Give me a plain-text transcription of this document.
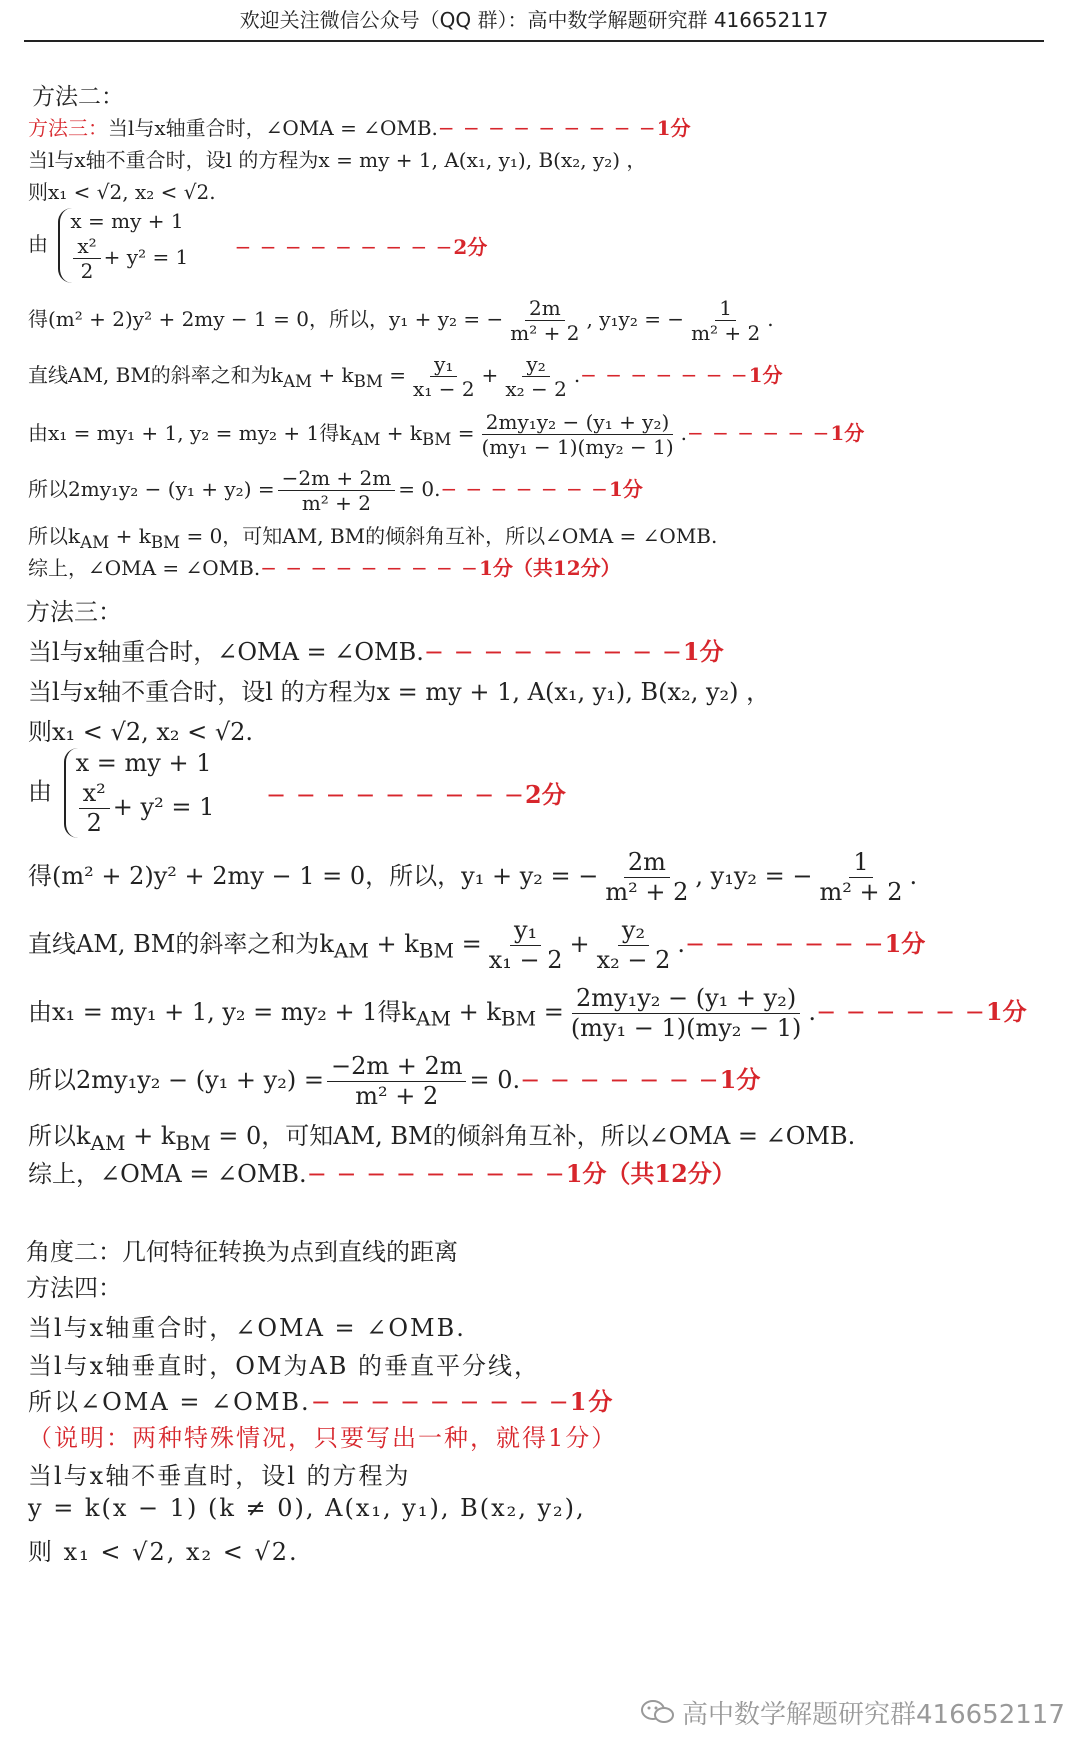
欢迎关注微信公众号（QQ 群）：高中数学解题研究群 416652117
方法二：
方法三：当l与x轴重合时，∠OMA = ∠OMB.− − − − − − − − −1分
当l与x轴不重合时，设l 的方程为x = my + 1, A(x₁, y₁), B(x₂, y₂) ，
则x₁ < √2, x₂ < √2.
由
x = my + 1
$\frac{\text{x²}}{2} + y^2 = 1$ − − − − − − − − −2分
得(m² + 2)y² + 2my − 1 = 0，所以，y₁ + y₂ = − $\frac{2m}{\text{m² + 2}}$ , y₁y₂ = − $\frac{1}{\text{m² + 2}}$ .
直线AM, BM的斜率之和为$k_{AM} + k_{BM} = \frac{\text{y₁}}{\text{x₁ − 2}} + \frac{\text{y₂}}{\text{x₂ − 2}}$ .− − − − − − −1分
由x₁ = my₁ + 1, y₂ = my₂ + 1得$k_{AM} + k_{BM} = \frac{\text{2my₁y₂ − (y₁ + y₂)}}{\text{(my₁ − 1)(my₂ − 1)}}$ .− − − − − −1分
所以$2my_1y_2 - (y_1 + y_2) = \frac{-2m + 2m}{\text{m² + 2}} = 0.-$ − − − − − −1分
所以$k_{AM} + k_{BM} = 0$，可知AM, BM的倾斜角互补，所以∠OMA = ∠OMB.
综上，∠OMA = ∠OMB.− − − − − − − − −1分（共12分）
方法三：
当l与x轴重合时，∠OMA = ∠OMB.− − − − − − − − −1分
当l与x轴不重合时，设l 的方程为x = my + 1, A(x₁, y₁), B(x₂, y₂) ，
则x₁ < √2, x₂ < √2.
由
x = my + 1
$\frac{\text{x²}}{2} + y^2 = 1$ − − − − − − − − −2分
得(m² + 2)y² + 2my − 1 = 0，所以，y₁ + y₂ = − $\frac{2m}{\text{m² + 2}}$ , y₁y₂ = − $\frac{1}{\text{m² + 2}}$ .
直线AM, BM的斜率之和为$k_{AM} + k_{BM} = \frac{\text{y₁}}{\text{x₁ − 2}} + \frac{\text{y₂}}{\text{x₂ − 2}}$ .− − − − − − −1分
由x₁ = my₁ + 1, y₂ = my₂ + 1得$k_{AM} + k_{BM} = \frac{\text{2my₁y₂ − (y₁ + y₂)}}{\text{(my₁ − 1)(my₂ − 1)}}$ .− − − − − −1分
所以$2my_1y_2 - (y_1 + y_2) = \frac{-2m + 2m}{\text{m² + 2}} = 0.-$ − − − − − −1分
所以$k_{AM} + k_{BM} = 0$，可知AM, BM的倾斜角互补，所以∠OMA = ∠OMB.
综上，∠OMA = ∠OMB.− − − − − − − − −1分（共12分）
角度二：几何特征转换为点到直线的距离
方法四：
当l与x轴重合时，∠OMA = ∠OMB.
当l与x轴垂直时，OM为AB 的垂直平分线，
所以∠OMA = ∠OMB.− − − − − − − − −1分
（说明：两种特殊情况，只要写出一种，就得1分）
当l与x轴不垂直时，设l 的方程为
y = k(x − 1) (k ≠ 0), A(x₁, y₁), B(x₂, y₂),
则 x₁ < √2, x₂ < √2.
高中数学解题研究群416652117
